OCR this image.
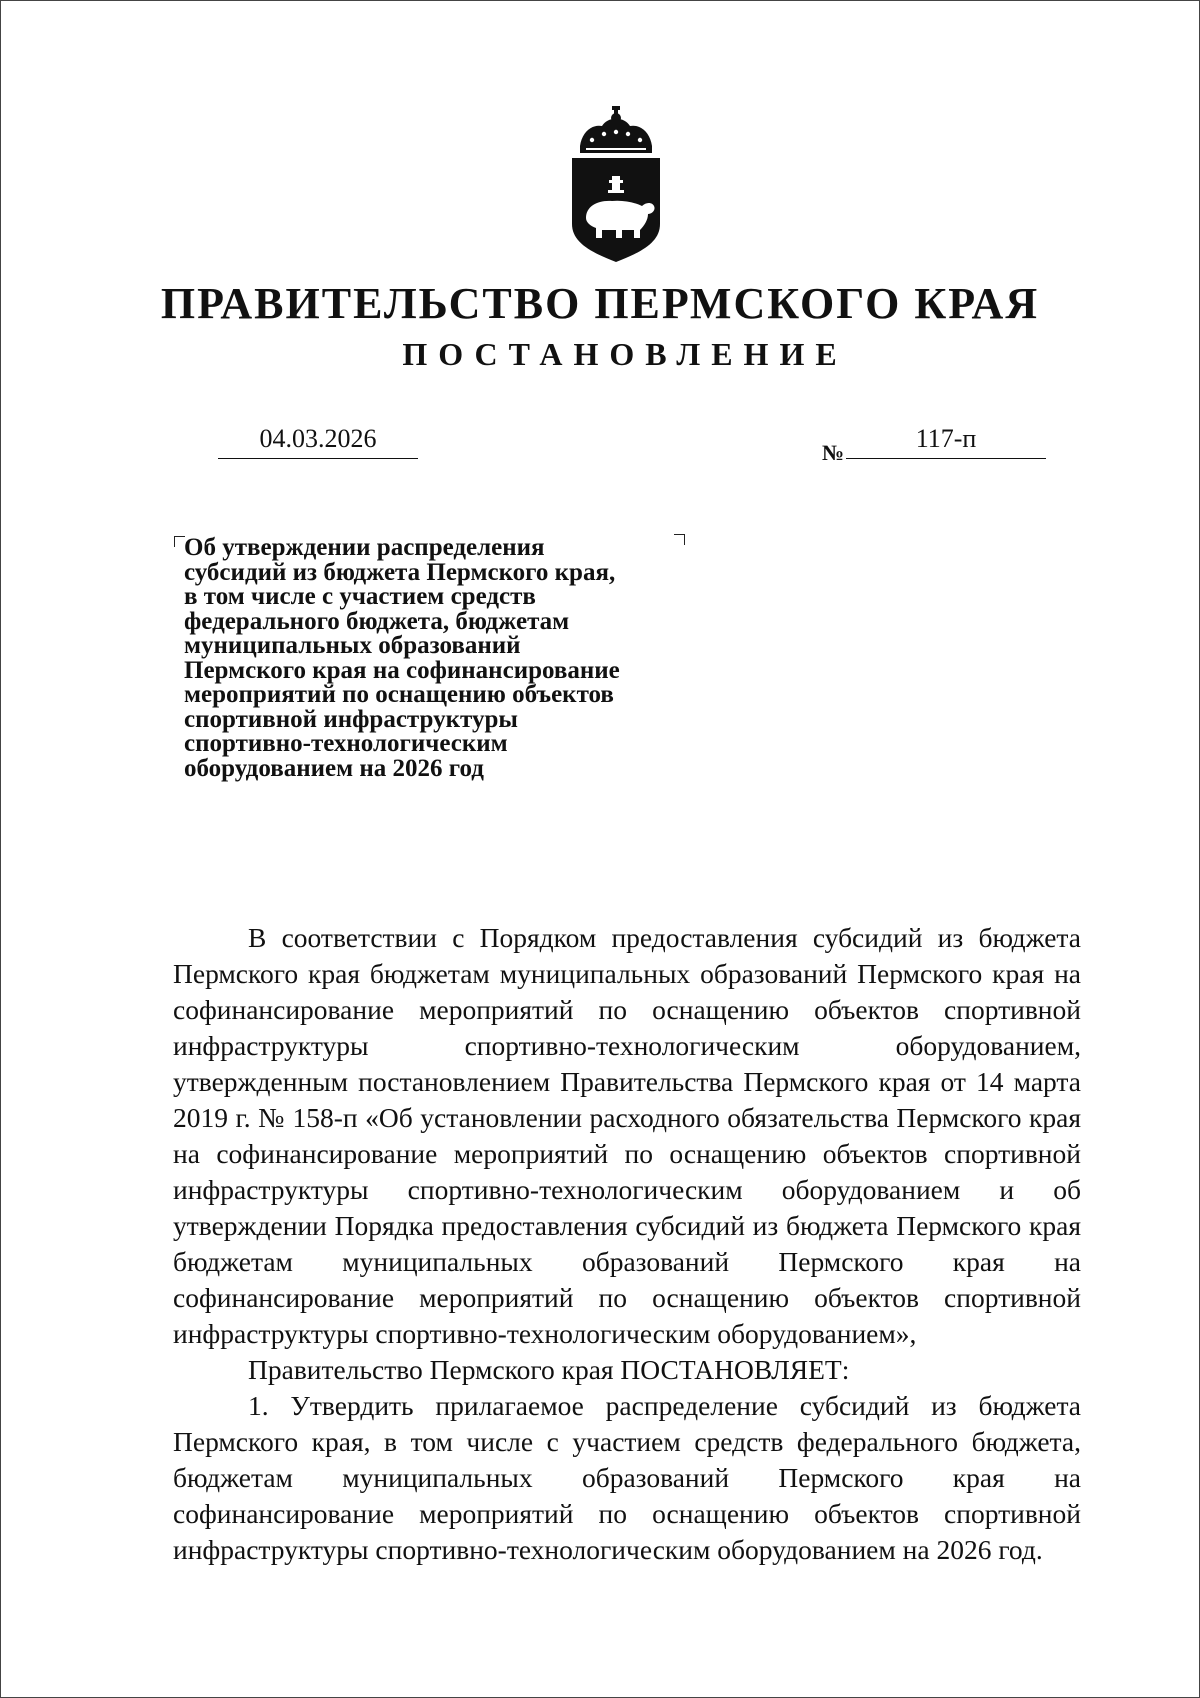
ПРАВИТЕЛЬСТВО ПЕРМСКОГО КРАЯ
ПОСТАНОВЛЕНИЕ
04.03.2026	№	117-п
Об утверждении распределения
субсидий из бюджета Пермского края,
в том числе с участием средств
федерального бюджета, бюджетам
муниципальных образований
Пермского края на софинансирование
мероприятий по оснащению объектов
спортивной инфраструктуры
спортивно-технологическим
оборудованием на 2026 год

В соответствии с Порядком предоставления субсидий из бюджета Пермского края бюджетам муниципальных образований Пермского края на софинансирование мероприятий по оснащению объектов спортивной инфраструктуры спортивно-технологическим оборудованием, утвержденным постановлением Правительства Пермского края от 14 марта 2019 г. № 158-п «Об установлении расходного обязательства Пермского края на софинансирование мероприятий по оснащению объектов спортивной инфраструктуры спортивно-технологическим оборудованием и об утверждении Порядка предоставления субсидий из бюджета Пермского края бюджетам муниципальных образований Пермского края на софинансирование мероприятий по оснащению объектов спортивной инфраструктуры спортивно-технологическим оборудованием»,

Правительство Пермского края ПОСТАНОВЛЯЕТ:

1. Утвердить прилагаемое распределение субсидий из бюджета Пермского края, в том числе с участием средств федерального бюджета, бюджетам муниципальных образований Пермского края на софинансирование мероприятий по оснащению объектов спортивной инфраструктуры спортивно-технологическим оборудованием на 2026 год.
